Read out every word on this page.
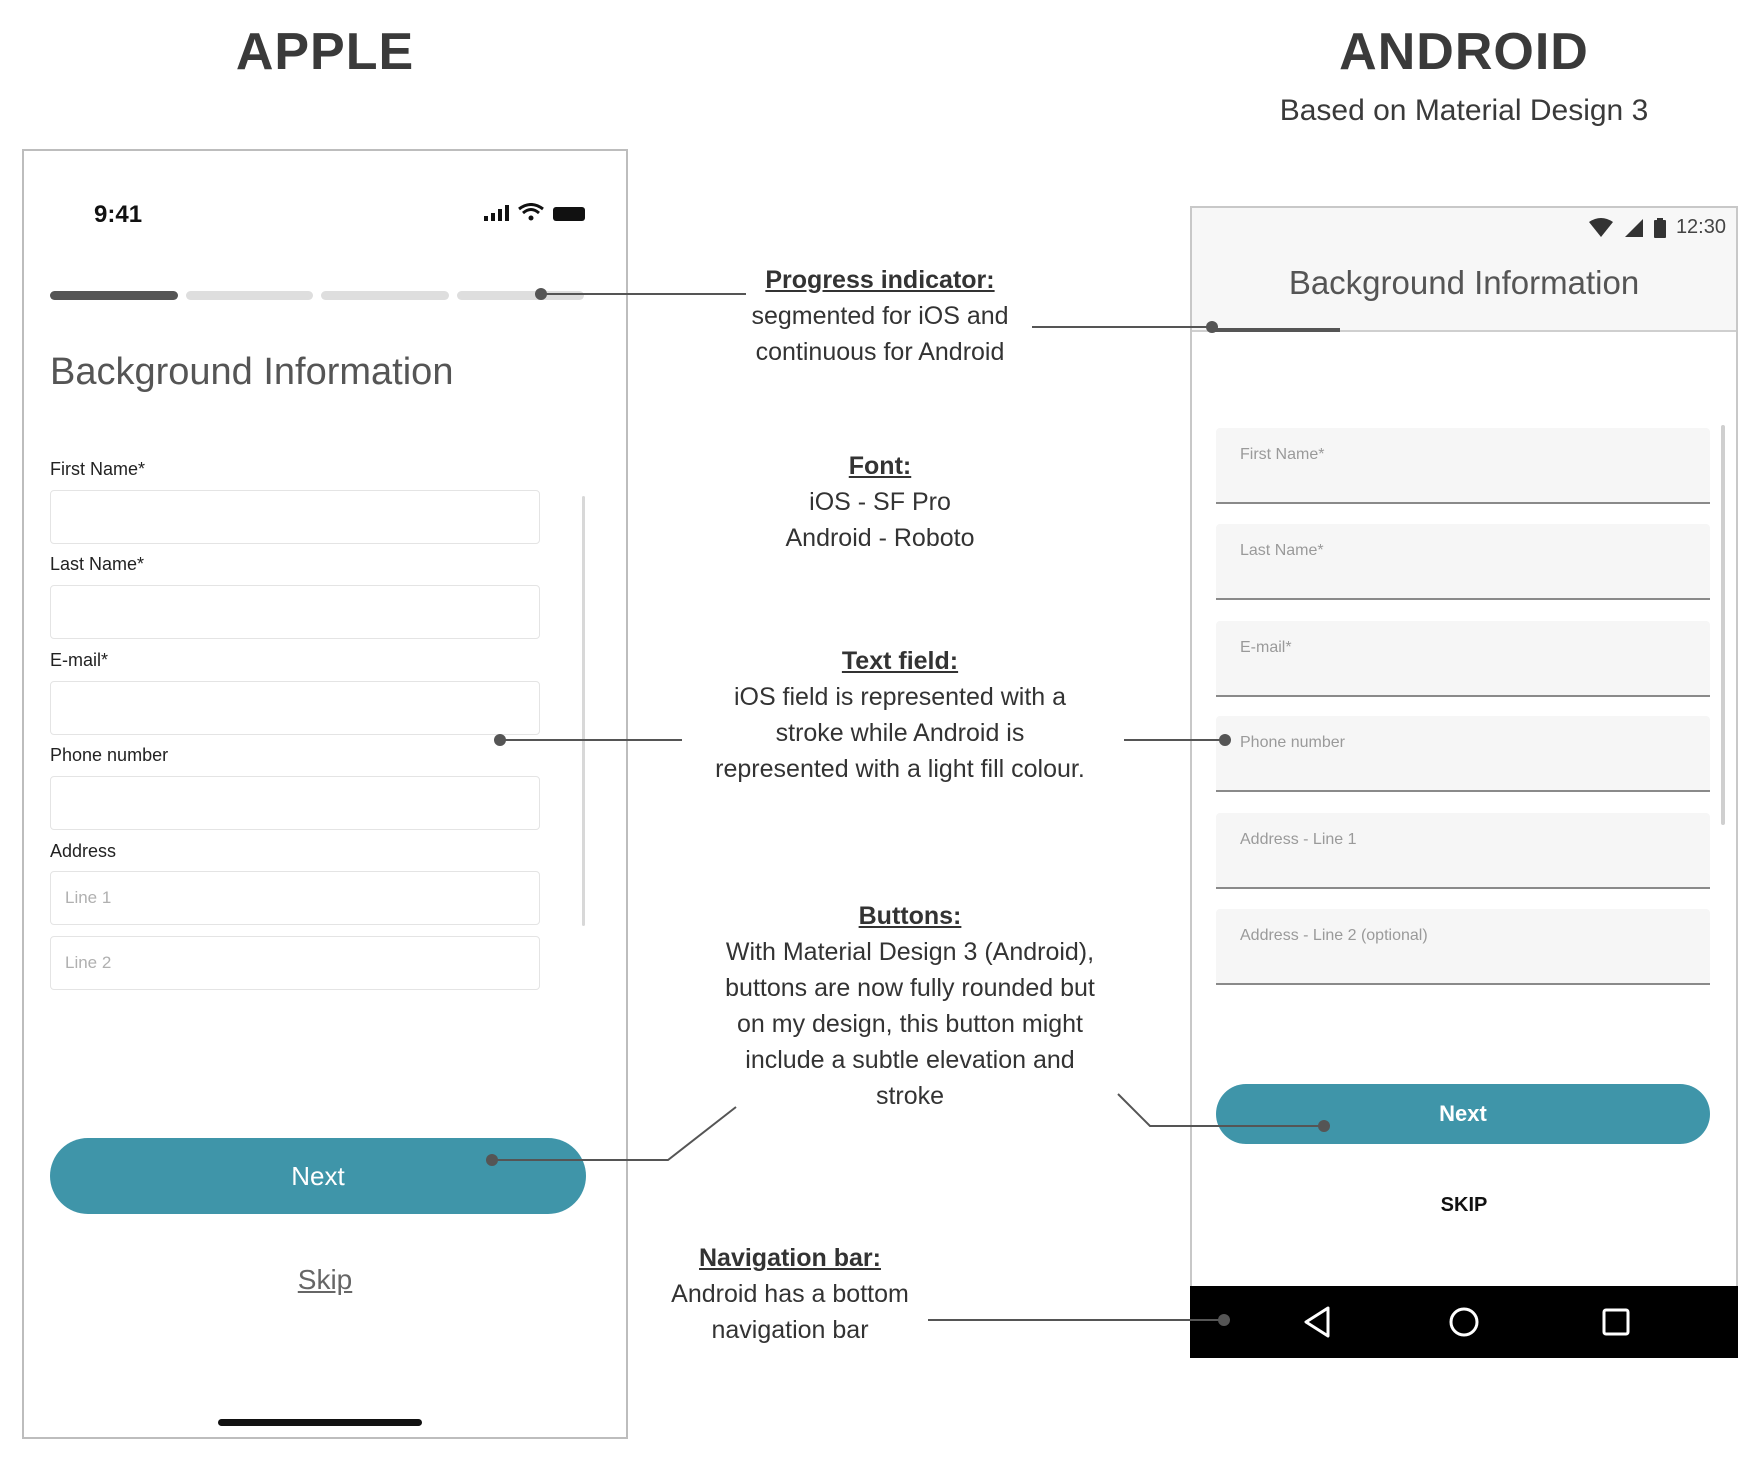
APPLE	ANDROID
Based on Material Design 3
9:41
Background Information
First Name*
Last Name*
E-mail*
Phone number
Address
Line 1
Line 2
Next
Skip
12:30
Background Information
First Name*
Last Name*
E-mail*
Phone number
Address - Line 1
Address - Line 2 (optional)
Next
SKIP
Progress indicator:
segmented for iOS and
continuous for Android
Font:
iOS - SF Pro
Android - Roboto
Text field:
iOS field is represented with a
stroke while Android is
represented with a light fill colour.
Buttons:
With Material Design 3 (Android),
buttons are now fully rounded but
on my design, this button might
include a subtle elevation and
stroke
Navigation bar:
Android has a bottom
navigation bar
